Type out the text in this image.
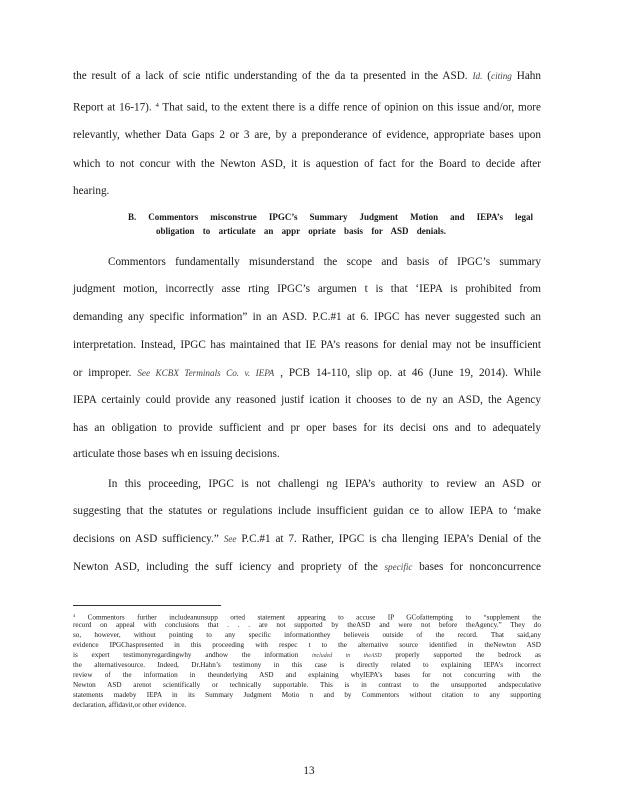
the result of a lack of scie ntific understanding of the da ta presented in the ASD. Id. (citing Hahn
Report at 16-17). $^4$ That said, to the extent there is a diffe rence of opinion on this issue and/or, more
relevantly, whether Data Gaps 2 or 3 are, by a preponderance of evidence, appropriate bases upon
which to not concur with the Newton ASD, it is aquestion of fact for the Board to decide after
hearing.
B. Commentors misconstrue IPGC’s Summary Judgment Motion and IEPA’s legal
obligation to articulate an appr opriate basis for ASD denials.
Commentors fundamentally misunderstand the scope and basis of IPGC’s summary
judgment motion, incorrectly asse rting IPGC’s argumen t is that ‘IEPA is prohibited from
demanding any specific information” in an ASD. P.C.#1 at 6. IPGC has never suggested such an
interpretation. Instead, IPGC has maintained that IE PA’s reasons for denial may not be insufficient
or improper. See KCBX Terminals Co. v. IEPA , PCB 14-110, slip op. at 46 (June 19, 2014). While
IEPA certainly could provide any reasoned justif ication it chooses to de ny an ASD, the Agency
has an obligation to provide sufficient and pr oper bases for its decisi ons and to adequately
articulate those bases wh en issuing decisions.
In this proceeding, IPGC is not challengi ng IEPA’s authority to review an ASD or
suggesting that the statutes or regulations include insufficient guidan ce to allow IEPA to ‘make
decisions on ASD sufficiency.” See P.C.#1 at 7. Rather, IPGC is cha llenging IEPA’s Denial of the
Newton ASD, including the suff iciency and propriety of the specific bases for nonconcurrence
$^4$ Commentors further includeanunsupp orted statement appearing to accuse IP GCofattempting to “supplement the
record on appeal with conclusions that . . . are not supported by theASD and were not before theAgency.” They do
so, however, without pointing to any specific informationthey believeis outside of the record. That said,any
evidence IPGChaspresented in this proceeding with respec t to the alternative source identified in theNewton ASD
is expert testimonyregardingwhy andhow the information included in theASD properly supported the bedrock as
the alternativesource. Indeed, Dr.Hahn’s testimony in this case is directly related to explaining IEPA’s incorrect
review of the information in theunderlying ASD and explaining whyIEPA’s bases for not concurring with the
Newton ASD arenot scientifically or technically supportable. This is in contrast to the unsupported andspeculative
statements madeby IEPA in its Summary Judgment Motio n and by Commentors without citation to any supporting
declaration, affidavit,or other evidence.
13
